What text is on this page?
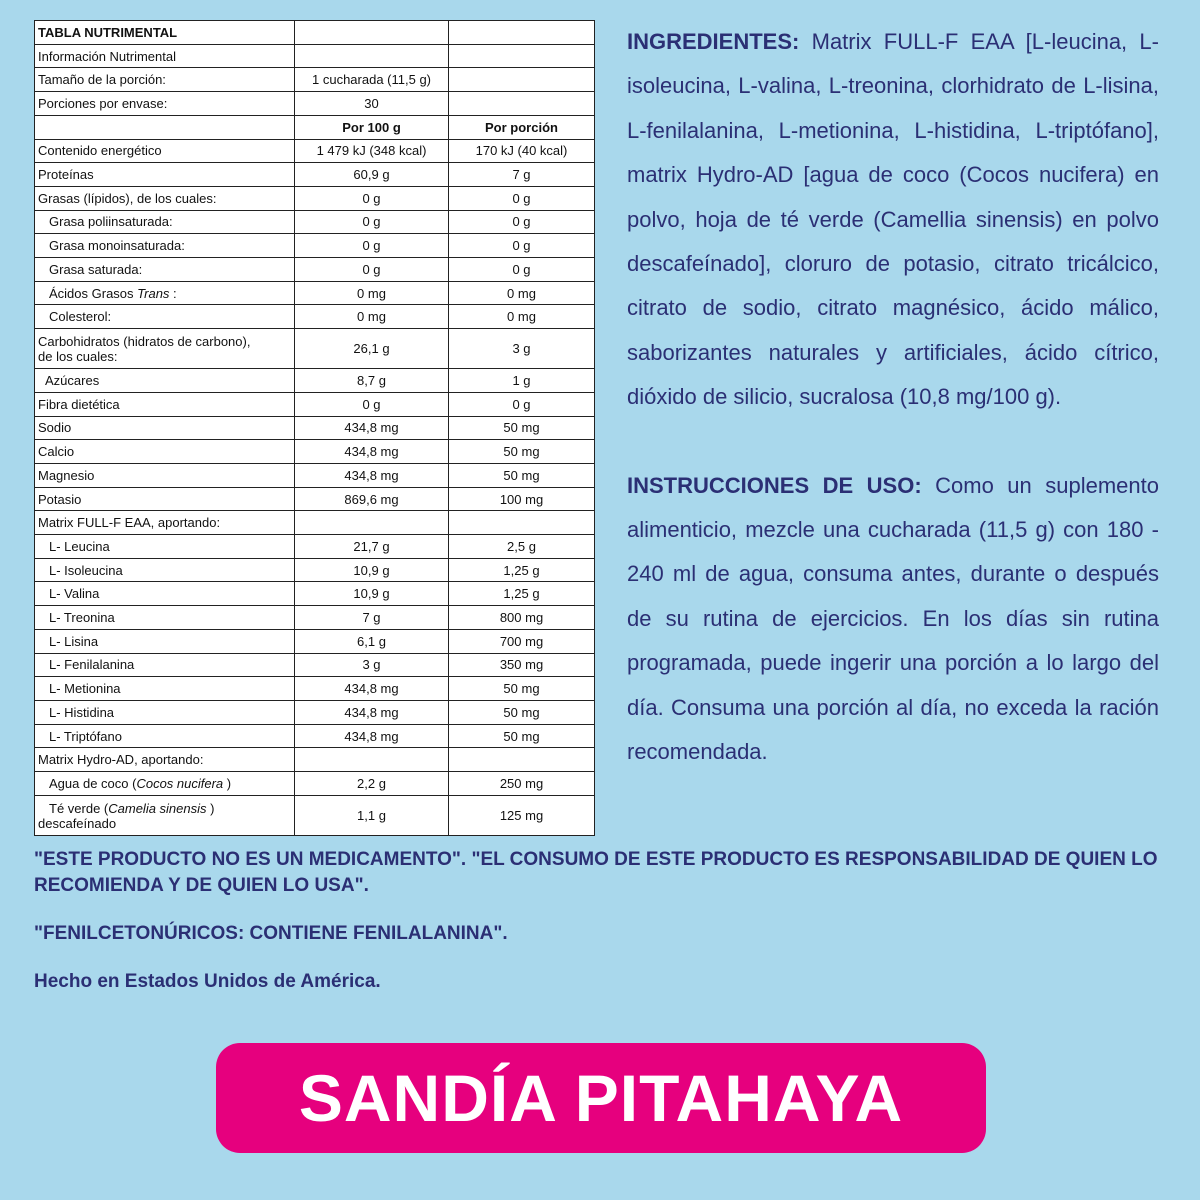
TABLA NUTRIMENTAL		
Información Nutrimental		
Tamaño de la porción:	1 cucharada (11,5 g)	
Porciones por envase:	30	
	Por 100 g	Por porción
Contenido energético	1 479 kJ (348 kcal)	170 kJ (40 kcal)
Proteínas	60,9 g	7 g
Grasas (lípidos), de los cuales:	0 g	0 g
Grasa poliinsaturada:	0 g	0 g
Grasa monoinsaturada:	0 g	0 g
Grasa saturada:	0 g	0 g
Ácidos Grasos Trans :	0 mg	0 mg
Colesterol:	0 mg	0 mg
Carbohidratos (hidratos de carbono),
de los cuales:	26,1 g	3 g
Azúcares	8,7 g	1 g
Fibra dietética	0 g	0 g
Sodio	434,8 mg	50 mg
Calcio	434,8 mg	50 mg
Magnesio	434,8 mg	50 mg
Potasio	869,6 mg	100 mg
Matrix FULL-F EAA, aportando:		
L- Leucina	21,7 g	2,5 g
L- Isoleucina	10,9 g	1,25 g
L- Valina	10,9 g	1,25 g
L- Treonina	7 g	800 mg
L- Lisina	6,1 g	700 mg
L- Fenilalanina	3 g	350 mg
L- Metionina	434,8 mg	50 mg
L- Histidina	434,8 mg	50 mg
L- Triptófano	434,8 mg	50 mg
Matrix Hydro-AD, aportando:		
Agua de coco (Cocos nucifera )	2,2 g	250 mg
Té verde (Camelia sinensis )
descafeínado	1,1 g	125 mg

INGREDIENTES: Matrix FULL-F EAA [L-leucina, L-isoleucina, L-valina, L-treonina, clorhidrato de L-lisina, L-fenilalanina, L-metionina, L-histidina, L-triptófano], matrix Hydro-AD [agua de coco (Cocos nucifera) en polvo, hoja de té verde (Camellia sinensis) en polvo descafeínado], cloruro de potasio, citrato tricálcico, citrato de sodio, citrato magnésico, ácido málico, saborizantes naturales y artificiales, ácido cítrico, dióxido de silicio, sucralosa (10,8 mg/100 g).

INSTRUCCIONES DE USO: Como un suplemento alimenticio, mezcle una cucharada (11,5 g) con 180 - 240 ml de agua, consuma antes, durante o después de su rutina de ejercicios. En los días sin rutina programada, puede ingerir una porción a lo largo del día. Consuma una porción al día, no exceda la ración recomendada.

"ESTE PRODUCTO NO ES UN MEDICAMENTO". "EL CONSUMO DE ESTE PRODUCTO ES RESPONSABILIDAD DE QUIEN LO RECOMIENDA Y DE QUIEN LO USA".

"FENILCETONÚRICOS: CONTIENE FENILALANINA".

Hecho en Estados Unidos de América.

SANDÍA PITAHAYA
